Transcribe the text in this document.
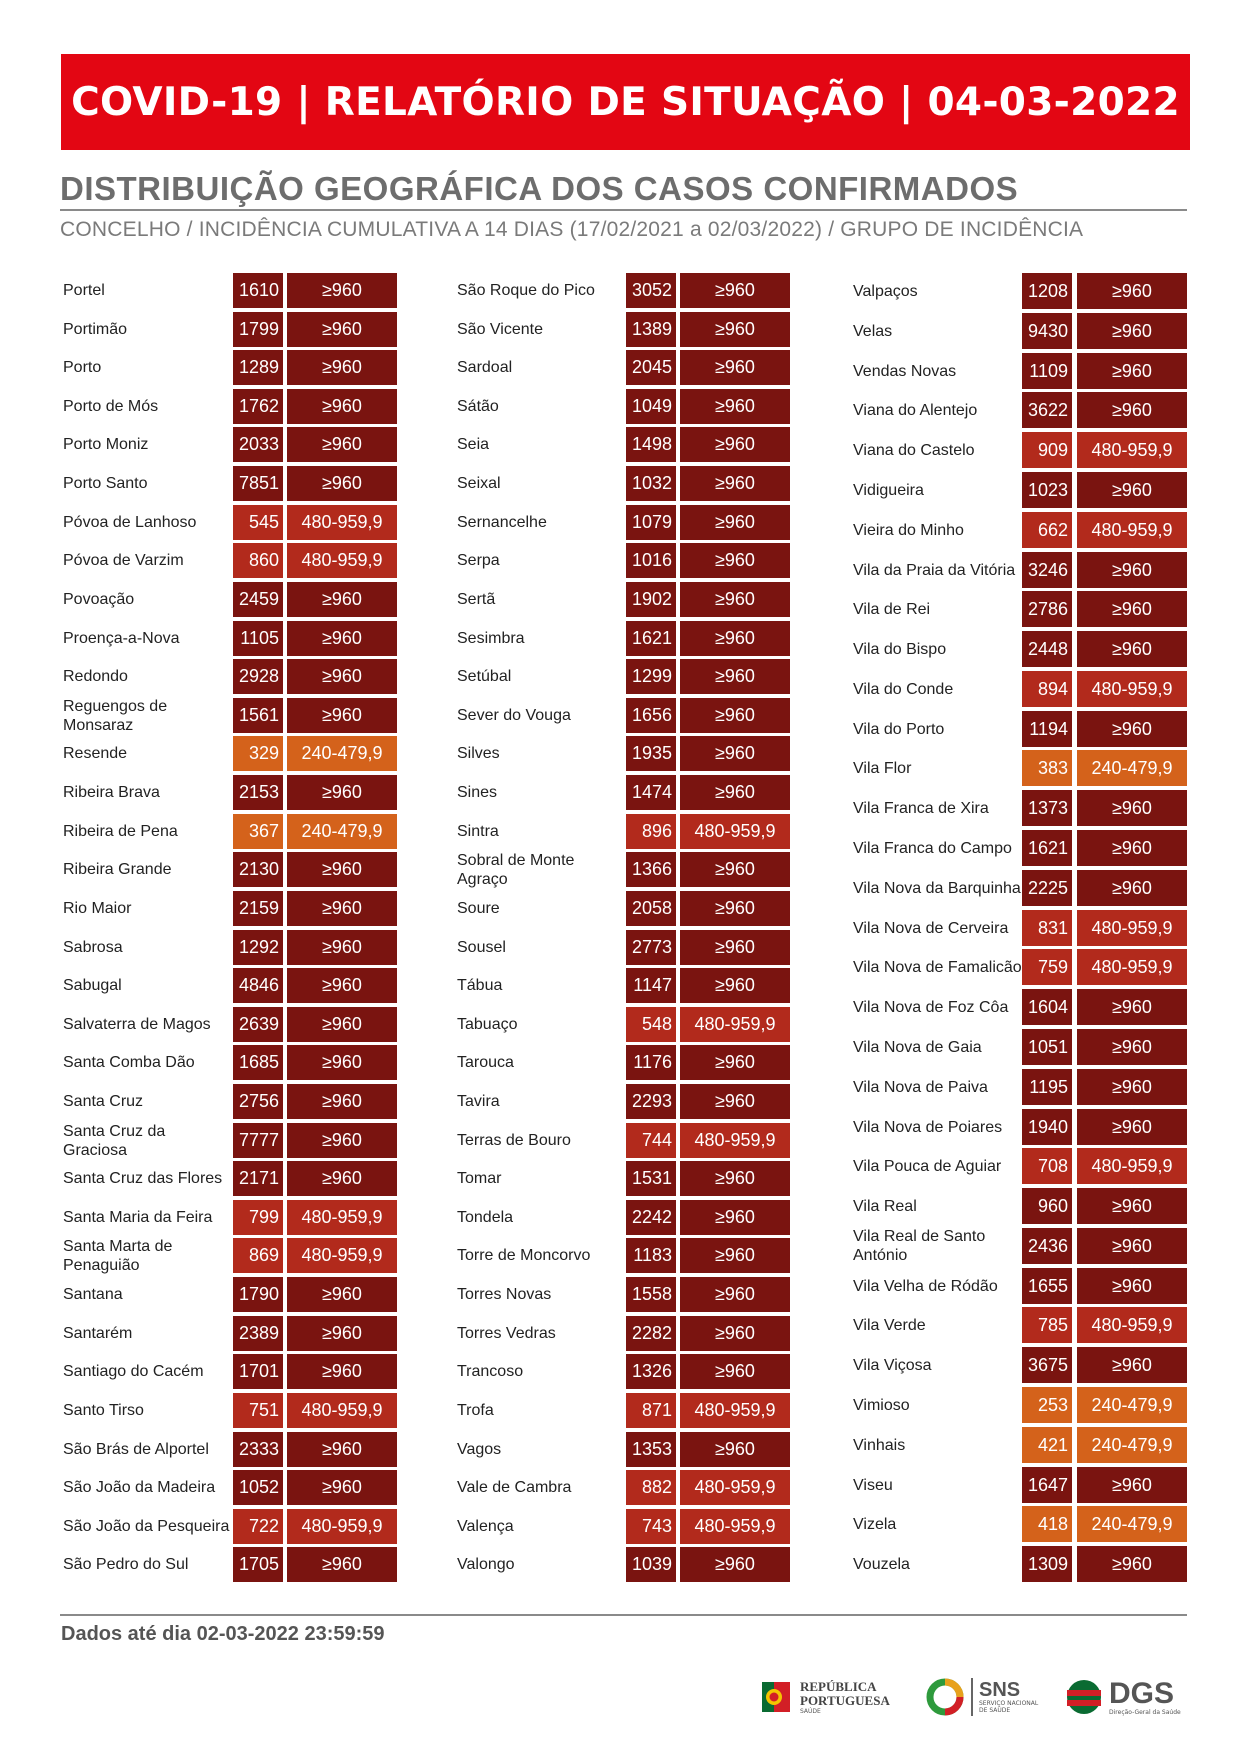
COVID-19 | RELATÓRIO DE SITUAÇÃO | 04-03-2022
DISTRIBUIÇÃO GEOGRÁFICA DOS CASOS CONFIRMADOS
CONCELHO / INCIDÊNCIA CUMULATIVA A 14 DIAS (17/02/2021 a 02/03/2022) / GRUPO DE INCIDÊNCIA
Portel	1610	≥960
Portimão	1799	≥960
Porto	1289	≥960
Porto de Mós	1762	≥960
Porto Moniz	2033	≥960
Porto Santo	7851	≥960
Póvoa de Lanhoso	545	480-959,9
Póvoa de Varzim	860	480-959,9
Povoação	2459	≥960
Proença-a-Nova	1105	≥960
Redondo	2928	≥960
Reguengos de Monsaraz	1561	≥960
Resende	329	240-479,9
Ribeira Brava	2153	≥960
Ribeira de Pena	367	240-479,9
Ribeira Grande	2130	≥960
Rio Maior	2159	≥960
Sabrosa	1292	≥960
Sabugal	4846	≥960
Salvaterra de Magos	2639	≥960
Santa Comba Dão	1685	≥960
Santa Cruz	2756	≥960
Santa Cruz da Graciosa	7777	≥960
Santa Cruz das Flores 2171	≥960
Santa Maria da Feira	799	480-959,9
Santa Marta de Penaguião	869	480-959,9
Santana	1790	≥960
Santarém	2389	≥960
Santiago do Cacém	1701	≥960
Santo Tirso	751	480-959,9
São Brás de Alportel	2333	≥960
São João da Madeira	1052	≥960
São João da Pesqueira	722	480-959,9
São Pedro do Sul	1705	≥960
São Roque do Pico	3052	≥960
São Vicente	1389	≥960
Sardoal	2045	≥960
Sátão	1049	≥960
Seia	1498	≥960
Seixal	1032	≥960
Sernancelhe	1079	≥960
Serpa	1016	≥960
Sertã	1902	≥960
Sesimbra	1621	≥960
Setúbal	1299	≥960
Sever do Vouga	1656	≥960
Silves	1935	≥960
Sines	1474	≥960
Sintra	896	480-959,9
Sobral de Monte Agraço	1366	≥960
Soure	2058	≥960
Sousel	2773	≥960
Tábua	1147	≥960
Tabuaço	548	480-959,9
Tarouca	1176	≥960
Tavira	2293	≥960
Terras de Bouro	744	480-959,9
Tomar	1531	≥960
Tondela	2242	≥960
Torre de Moncorvo	1183	≥960
Torres Novas	1558	≥960
Torres Vedras	2282	≥960
Trancoso	1326	≥960
Trofa	871	480-959,9
Vagos	1353	≥960
Vale de Cambra	882	480-959,9
Valença	743	480-959,9
Valongo	1039	≥960
Valpaços	1208	≥960
Velas	9430	≥960
Vendas Novas	1109	≥960
Viana do Alentejo	3622	≥960
Viana do Castelo	909	480-959,9
Vidigueira	1023	≥960
Vieira do Minho	662	480-959,9
Vila da Praia da Vitória 3246	≥960
Vila de Rei	2786	≥960
Vila do Bispo	2448	≥960
Vila do Conde	894	480-959,9
Vila do Porto	1194	≥960
Vila Flor	383	240-479,9
Vila Franca de Xira	1373	≥960
Vila Franca do Campo 1621	≥960
Vila Nova da Barquinha 2225	≥960
Vila Nova de Cerveira	831	480-959,9
Vila Nova de Famalicão 759	480-959,9
Vila Nova de Foz Côa	1604	≥960
Vila Nova de Gaia	1051	≥960
Vila Nova de Paiva	1195	≥960
Vila Nova de Poiares	1940	≥960
Vila Pouca de Aguiar	708	480-959,9
Vila Real	960	≥960
Vila Real de Santo António	2436	≥960
Vila Velha de Ródão	1655	≥960
Vila Verde	785	480-959,9
Vila Viçosa	3675	≥960
Vimioso	253	240-479,9
Vinhais	421	240-479,9
Viseu	1647	≥960
Vizela	418	240-479,9
Vouzela	1309	≥960
Dados até dia 02-03-2022 23:59:59
REPÚBLICA
PORTUGUESA
SAÚDE
SNS
SERVIÇO NACIONAL DE SAÚDE
DGS
Direção-Geral da Saúde
